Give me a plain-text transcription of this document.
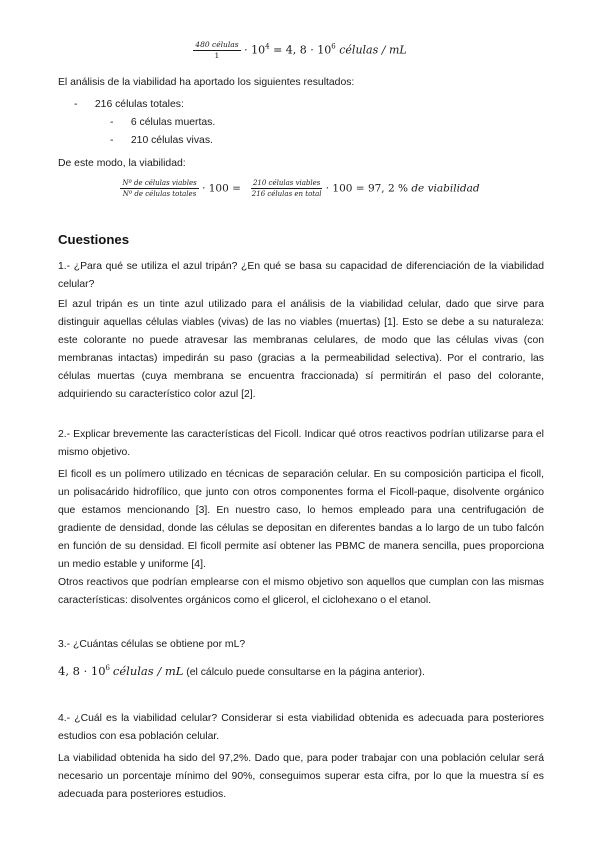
$\frac{\text{480 células}}{1} \cdot 10^4 = 4$, $8 \cdot 10^6$ células / mL

El análisis de la viabilidad ha aportado los siguientes resultados:

- 216 células totales:
- 6 células muertas.
- 210 células vivas.

De este modo, la viabilidad:

$\frac{\text{Nº de células viables}}{\text{Nº de células totales}} \cdot 100 = \frac{\text{210 células viables}}{\text{216 células en total}} \cdot 100 = 97$, 2 % de viabilidad
Cuestiones

1.- ¿Para qué se utiliza el azul tripán? ¿En qué se basa su capacidad de diferenciación de la viabilidad celular?

El azul tripán es un tinte azul utilizado para el análisis de la viabilidad celular, dado que sirve para distinguir aquellas células viables (vivas) de las no viables (muertas) [1]. Esto se debe a su naturaleza: este colorante no puede atravesar las membranas celulares, de modo que las células vivas (con membranas intactas) impedirán su paso (gracias a la permeabilidad selectiva). Por el contrario, las células muertas (cuya membrana se encuentra fraccionada) sí permitirán el paso del colorante, adquiriendo su característico color azul [2].

2.- Explicar brevemente las características del Ficoll. Indicar qué otros reactivos podrían utilizarse para el mismo objetivo.

El ficoll es un polímero utilizado en técnicas de separación celular. En su composición participa el ficoll, un polisacárido hidrofílico, que junto con otros componentes forma el Ficoll-paque, disolvente orgánico que estamos mencionando [3]. En nuestro caso, lo hemos empleado para una centrifugación de gradiente de densidad, donde las células se depositan en diferentes bandas a lo largo de un tubo falcón en función de su densidad. El ficoll permite así obtener las PBMC de manera sencilla, pues proporciona un medio estable y uniforme [4].

Otros reactivos que podrían emplearse con el mismo objetivo son aquellos que cumplan con las mismas características: disolventes orgánicos como el glicerol, el ciclohexano o el etanol.

3.- ¿Cuántas células se obtiene por mL?

4, $8 \cdot 10^6$ células / mL (el cálculo puede consultarse en la página anterior).

4.- ¿Cuál es la viabilidad celular? Considerar si esta viabilidad obtenida es adecuada para posteriores estudios con esa población celular.

La viabilidad obtenida ha sido del 97,2%. Dado que, para poder trabajar con una población celular será necesario un porcentaje mínimo del 90%, conseguimos superar esta cifra, por lo que la muestra sí es adecuada para posteriores estudios.
